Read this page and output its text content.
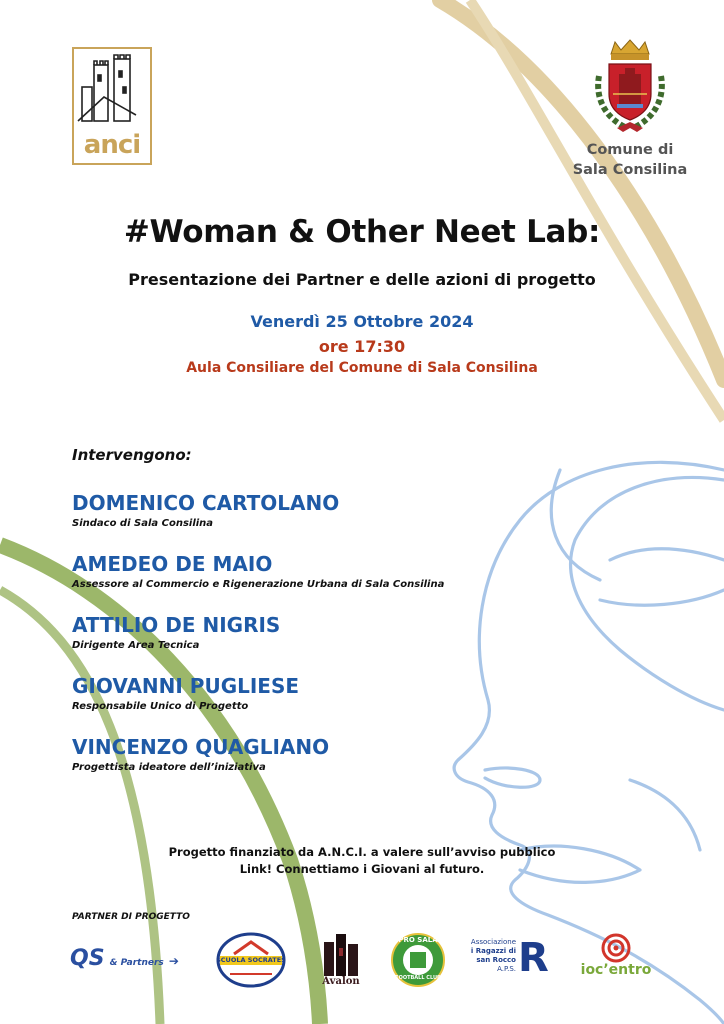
anci	Comune di
Sala Consilina
#Woman & Other Neet Lab:
Presentazione dei Partner e delle azioni di progetto
Venerdì 25 Ottobre 2024
ore 17:30
Aula Consiliare del Comune di Sala Consilina
Intervengono:
DOMENICO CARTOLANO
Sindaco di Sala Consilina
AMEDEO DE MAIO
Assessore al Commercio e Rigenerazione Urbana di Sala Consilina
ATTILIO DE NIGRIS
Dirigente Area Tecnica
GIOVANNI PUGLIESE
Responsabile Unico di Progetto
VINCENZO QUAGLIANO
Progettista ideatore dell’iniziativa
Progetto finanziato da A.N.C.I. a valere sull’avviso pubblico
Link! Connettiamo i Giovani al futuro.
PARTNER DI PROGETTO
QS & Partners ➔	SCUOLA SOCRATES
Avalon
PRO SALA
FOOTBALL CLUB
Associazione
i Ragazzi di
san Rocco
A.P.S. R	ioc’entro
